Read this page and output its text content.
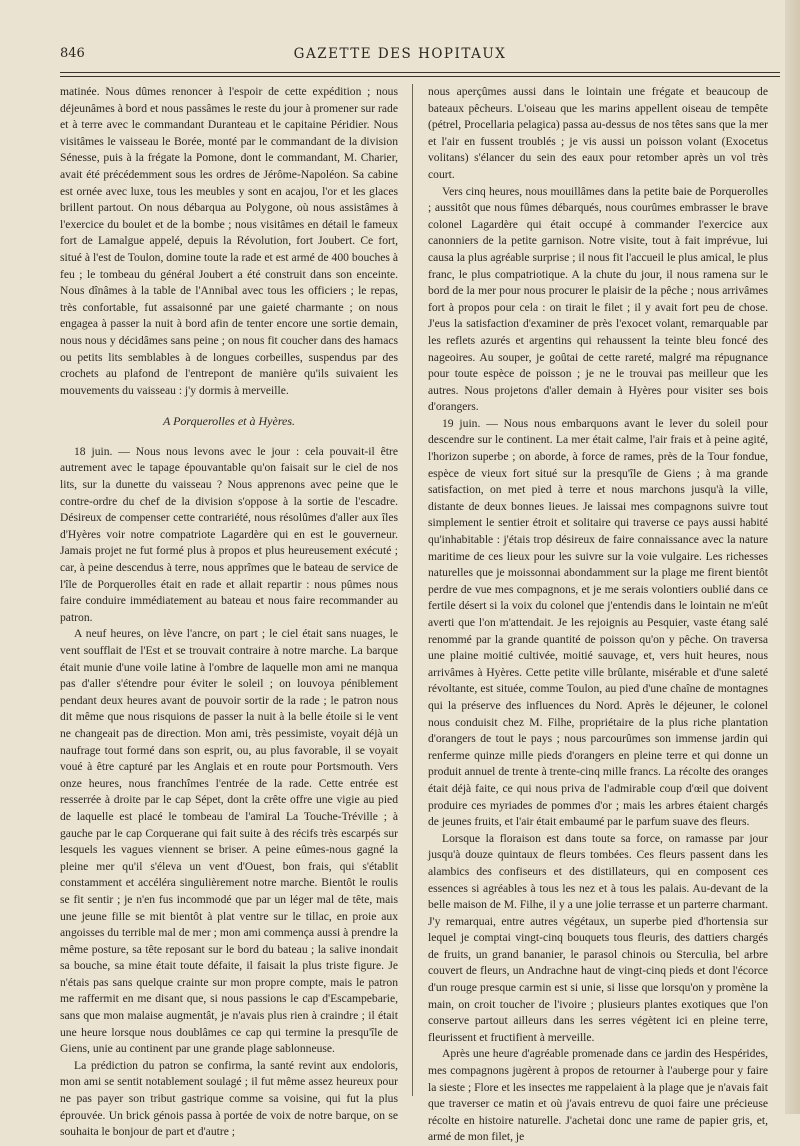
846	GAZETTE DES HOPITAUX

matinée. Nous dûmes renoncer à l'espoir de cette expédition ; nous déjeunâmes à bord et nous passâmes le reste du jour à promener sur rade et à terre avec le commandant Duranteau et le capitaine Péridier. Nous visitâmes le vaisseau le Borée, monté par le commandant de la division Sénesse, puis à la frégate la Pomone, dont le commandant, M. Charier, avait été précédemment sous les ordres de Jérôme-Napoléon. Sa cabine est ornée avec luxe, tous les meubles y sont en acajou, l'or et les glaces brillent partout. On nous débarqua au Polygone, où nous assistâmes à l'exercice du boulet et de la bombe ; nous visitâmes en détail le fameux fort de Lamalgue appelé, depuis la Révolution, fort Joubert. Ce fort, situé à l'est de Toulon, domine toute la rade et est armé de 400 bouches à feu ; le tombeau du général Joubert a été construit dans son enceinte. Nous dînâmes à la table de l'Annibal avec tous les officiers ; le repas, très confortable, fut assaisonné par une gaieté charmante ; on nous engagea à passer la nuit à bord afin de tenter encore une sortie demain, nous nous y décidâmes sans peine ; on nous fit coucher dans des hamacs ou petits lits semblables à de longues corbeilles, suspendus par des crochets au plafond de l'entrepont de manière qu'ils suivaient les mouvements du vaisseau : j'y dormis à merveille.

A Porquerolles et à Hyères.

18 juin. — Nous nous levons avec le jour : cela pouvait-il être autrement avec le tapage épouvantable qu'on faisait sur le ciel de nos lits, sur la dunette du vaisseau ? Nous apprenons avec peine que le contre-ordre du chef de la division s'oppose à la sortie de l'escadre. Désireux de compenser cette contrariété, nous résolûmes d'aller aux îles d'Hyères voir notre compatriote Lagardère qui en est le gouverneur. Jamais projet ne fut formé plus à propos et plus heureusement exécuté ; car, à peine descendus à terre, nous apprîmes que le bateau de service de l'île de Porquerolles était en rade et allait repartir : nous pûmes nous faire conduire immédiatement au bateau et nous faire recommander au patron.

A neuf heures, on lève l'ancre, on part ; le ciel était sans nuages, le vent soufflait de l'Est et se trouvait contraire à notre marche. La barque était munie d'une voile latine à l'ombre de laquelle mon ami ne manqua pas d'aller s'étendre pour éviter le soleil ; on louvoya péniblement pendant deux heures avant de pouvoir sortir de la rade ; le patron nous dit même que nous risquions de passer la nuit à la belle étoile si le vent ne changeait pas de direction. Mon ami, très pessimiste, voyait déjà un naufrage tout formé dans son esprit, ou, au plus favorable, il se voyait voué à être capturé par les Anglais et en route pour Portsmouth. Vers onze heures, nous franchîmes l'entrée de la rade. Cette entrée est resserrée à droite par le cap Sépet, dont la crête offre une vigie au pied de laquelle est placé le tombeau de l'amiral La Touche-Tréville ; à gauche par le cap Corquerane qui fait suite à des récifs très escarpés sur lesquels les vagues viennent se briser. A peine eûmes-nous gagné la pleine mer qu'il s'éleva un vent d'Ouest, bon frais, qui s'établit constamment et accéléra singulièrement notre marche. Bientôt le roulis se fit sentir ; je n'en fus incommodé que par un léger mal de tête, mais une jeune fille se mit bientôt à plat ventre sur le tillac, en proie aux angoisses du terrible mal de mer ; mon ami commença aussi à prendre la même posture, sa tête reposant sur le bord du bateau ; la salive inondait sa bouche, sa mine était toute défaite, il faisait la plus triste figure. Je n'étais pas sans quelque crainte sur mon propre compte, mais le patron me raffermit en me disant que, si nous passions le cap d'Escampebarie, sans que mon malaise augmentât, je n'avais plus rien à craindre ; il était une heure lorsque nous doublâmes ce cap qui termine la presqu'île de Giens, unie au continent par une grande plage sablonneuse.

La prédiction du patron se confirma, la santé revint aux endoloris, mon ami se sentit notablement soulagé ; il fut même assez heureux pour ne pas payer son tribut gastrique comme sa voisine, qui fut la plus éprouvée. Un brick génois passa à portée de voix de notre barque, on se souhaita le bonjour de part et d'autre ;

nous aperçûmes aussi dans le lointain une frégate et beaucoup de bateaux pêcheurs. L'oiseau que les marins appellent oiseau de tempête (pétrel, Procellaria pelagica) passa au-dessus de nos têtes sans que la mer et l'air en fussent troublés ; je vis aussi un poisson volant (Exocetus volitans) s'élancer du sein des eaux pour retomber après un vol très court.

Vers cinq heures, nous mouillâmes dans la petite baie de Porquerolles ; aussitôt que nous fûmes débarqués, nous courûmes embrasser le brave colonel Lagardère qui était occupé à commander l'exercice aux canonniers de la petite garnison. Notre visite, tout à fait imprévue, lui causa la plus agréable surprise ; il nous fit l'accueil le plus amical, le plus franc, le plus compatriotique. A la chute du jour, il nous ramena sur le bord de la mer pour nous procurer le plaisir de la pêche ; nous arrivâmes fort à propos pour cela : on tirait le filet ; il y avait fort peu de chose. J'eus la satisfaction d'examiner de près l'exocet volant, remarquable par les reflets azurés et argentins qui rehaussent la teinte bleu foncé des nageoires. Au souper, je goûtai de cette rareté, malgré ma répugnance pour toute espèce de poisson ; je ne le trouvai pas meilleur que les autres. Nous projetons d'aller demain à Hyères pour visiter ses bois d'orangers.

19 juin. — Nous nous embarquons avant le lever du soleil pour descendre sur le continent. La mer était calme, l'air frais et à peine agité, l'horizon superbe ; on aborde, à force de rames, près de la Tour fondue, espèce de vieux fort situé sur la presqu'île de Giens ; à ma grande satisfaction, on met pied à terre et nous marchons jusqu'à la ville, distante de deux bonnes lieues. Je laissai mes compagnons suivre tout simplement le sentier étroit et solitaire qui traverse ce pays aussi habité qu'inhabitable : j'étais trop désireux de faire connaissance avec la nature maritime de ces lieux pour les suivre sur la voie vulgaire. Les richesses naturelles que je moissonnai abondamment sur la plage me firent bientôt perdre de vue mes compagnons, et je me serais volontiers oublié dans ce fertile désert si la voix du colonel que j'entendis dans le lointain ne m'eût averti que l'on m'attendait. Je les rejoignis au Pesquier, vaste étang salé renommé par la grande quantité de poisson qu'on y pêche. On traversa une plaine moitié cultivée, moitié sauvage, et, vers huit heures, nous arrivâmes à Hyères. Cette petite ville brûlante, misérable et d'une saleté révoltante, est située, comme Toulon, au pied d'une chaîne de montagnes qui la préserve des influences du Nord. Après le déjeuner, le colonel nous conduisit chez M. Filhe, propriétaire de la plus riche plantation d'orangers de tout le pays ; nous parcourûmes son immense jardin qui renferme quinze mille pieds d'orangers en pleine terre et qui donne un produit annuel de trente à trente-cinq mille francs. La récolte des oranges était déjà faite, ce qui nous priva de l'admirable coup d'œil que doivent produire ces myriades de pommes d'or ; mais les arbres étaient chargés de jeunes fruits, et l'air était embaumé par le parfum suave des fleurs.

Lorsque la floraison est dans toute sa force, on ramasse par jour jusqu'à douze quintaux de fleurs tombées. Ces fleurs passent dans les alambics des confiseurs et des distillateurs, qui en composent ces essences si agréables à tous les nez et à tous les palais. Au-devant de la belle maison de M. Filhe, il y a une jolie terrasse et un parterre charmant. J'y remarquai, entre autres végétaux, un superbe pied d'hortensia sur lequel je comptai vingt-cinq bouquets tous fleuris, des dattiers chargés de fruits, un grand bananier, le parasol chinois ou Sterculia, bel arbre couvert de fleurs, un Andrachne haut de vingt-cinq pieds et dont l'écorce d'un rouge presque carmin est si unie, si lisse que lorsqu'on y promène la main, on croit toucher de l'ivoire ; plusieurs plantes exotiques que l'on conserve partout ailleurs dans les serres végètent ici en pleine terre, fleurissent et fructifient à merveille.

Après une heure d'agréable promenade dans ce jardin des Hespérides, mes compagnons jugèrent à propos de retourner à l'auberge pour y faire la sieste ; Flore et les insectes me rappelaient à la plage que je n'avais fait que traverser ce matin et où j'avais entrevu de quoi faire une précieuse récolte en histoire naturelle. J'achetai donc une rame de papier gris, et, armé de mon filet, je
